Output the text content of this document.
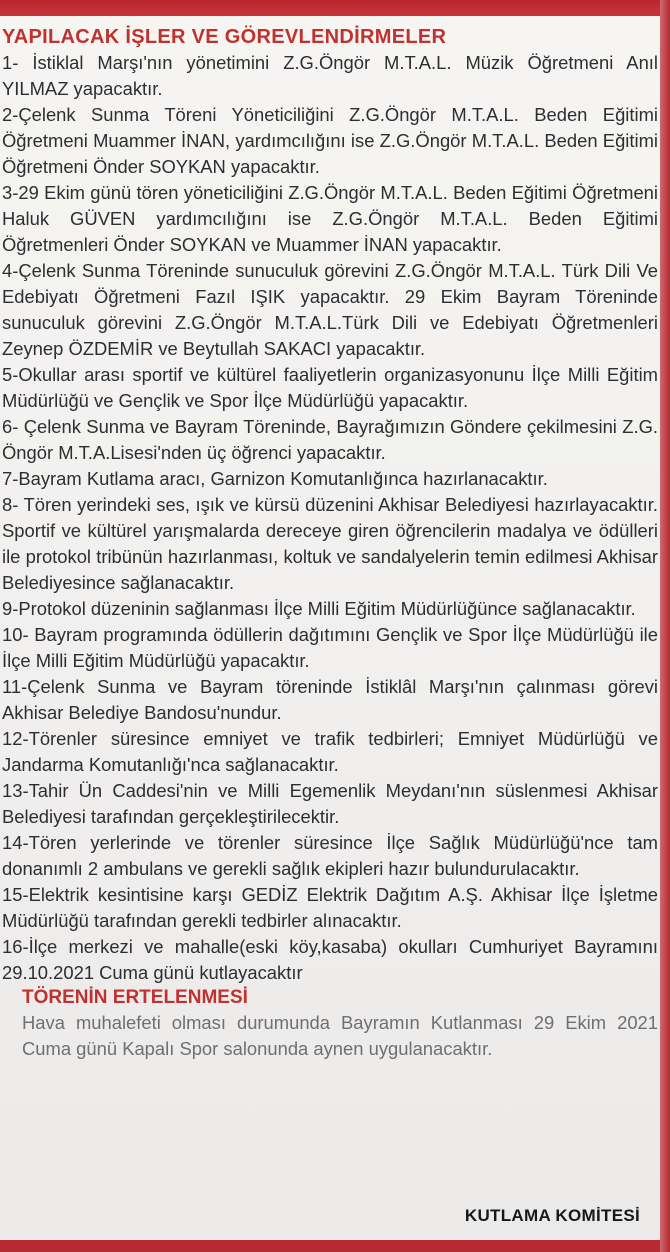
YAPILACAK İŞLER VE GÖREVLENDİRMELER

1- İstiklal Marşı'nın yönetimini Z.G.Öngör M.T.A.L. Müzik Öğretmeni Anıl YILMAZ yapacaktır.

2-Çelenk Sunma Töreni Yöneticiliğini Z.G.Öngör M.T.A.L. Beden Eğitimi Öğretmeni Muammer İNAN, yardımcılığını ise Z.G.Öngör M.T.A.L. Beden Eğitimi Öğretmeni Önder SOYKAN yapacaktır.

3-29 Ekim günü tören yöneticiliğini Z.G.Öngör M.T.A.L. Beden Eğitimi Öğretmeni Haluk GÜVEN yardımcılığını ise Z.G.Öngör M.T.A.L. Beden Eğitimi Öğretmenleri Önder SOYKAN ve Muammer İNAN yapacaktır.

4-Çelenk Sunma Töreninde sunuculuk görevini Z.G.Öngör M.T.A.L. Türk Dili Ve Edebiyatı Öğretmeni Fazıl IŞIK yapacaktır. 29 Ekim Bayram Töreninde sunuculuk görevini Z.G.Öngör M.T.A.L.Türk Dili ve Edebiyatı Öğretmenleri Zeynep ÖZDEMİR ve Beytullah SAKACI yapacaktır.

5-Okullar arası sportif ve kültürel faaliyetlerin organizasyonunu İlçe Milli Eğitim Müdürlüğü ve Gençlik ve Spor İlçe Müdürlüğü yapacaktır.

6- Çelenk Sunma ve Bayram Töreninde, Bayrağımızın Göndere çekilmesini Z.G. Öngör M.T.A.Lisesi'nden üç öğrenci yapacaktır.

7-Bayram Kutlama aracı, Garnizon Komutanlığınca hazırlanacaktır.

8- Tören yerindeki ses, ışık ve kürsü düzenini Akhisar Belediyesi hazırlayacaktır. Sportif ve kültürel yarışmalarda dereceye giren öğrencilerin madalya ve ödülleri ile protokol tribünün hazırlanması, koltuk ve sandalyelerin temin edilmesi Akhisar Belediyesince sağlanacaktır.

9-Protokol düzeninin sağlanması İlçe Milli Eğitim Müdürlüğünce sağlanacaktır.

10- Bayram programında ödüllerin dağıtımını Gençlik ve Spor İlçe Müdürlüğü ile İlçe Milli Eğitim Müdürlüğü yapacaktır.

11-Çelenk Sunma ve Bayram töreninde İstiklâl Marşı'nın çalınması görevi Akhisar Belediye Bandosu'nundur.

12-Törenler süresince emniyet ve trafik tedbirleri; Emniyet Müdürlüğü ve Jandarma Komutanlığı'nca sağlanacaktır.

13-Tahir Ün Caddesi'nin ve Milli Egemenlik Meydanı'nın süslenmesi Akhisar Belediyesi tarafından gerçekleştirilecektir.

14-Tören yerlerinde ve törenler süresince İlçe Sağlık Müdürlüğü'nce tam donanımlı 2 ambulans ve gerekli sağlık ekipleri hazır bulundurulacaktır.

15-Elektrik kesintisine karşı GEDİZ Elektrik Dağıtım A.Ş. Akhisar İlçe İşletme Müdürlüğü tarafından gerekli tedbirler alınacaktır.

16-İlçe merkezi ve mahalle(eski köy,kasaba) okulları Cumhuriyet Bayramını 29.10.2021 Cuma günü kutlayacaktır

TÖRENİN ERTELENMESİ

Hava muhalefeti olması durumunda Bayramın Kutlanması 29 Ekim 2021 Cuma günü Kapalı Spor salonunda aynen uygulanacaktır.

KUTLAMA KOMİTESİ
